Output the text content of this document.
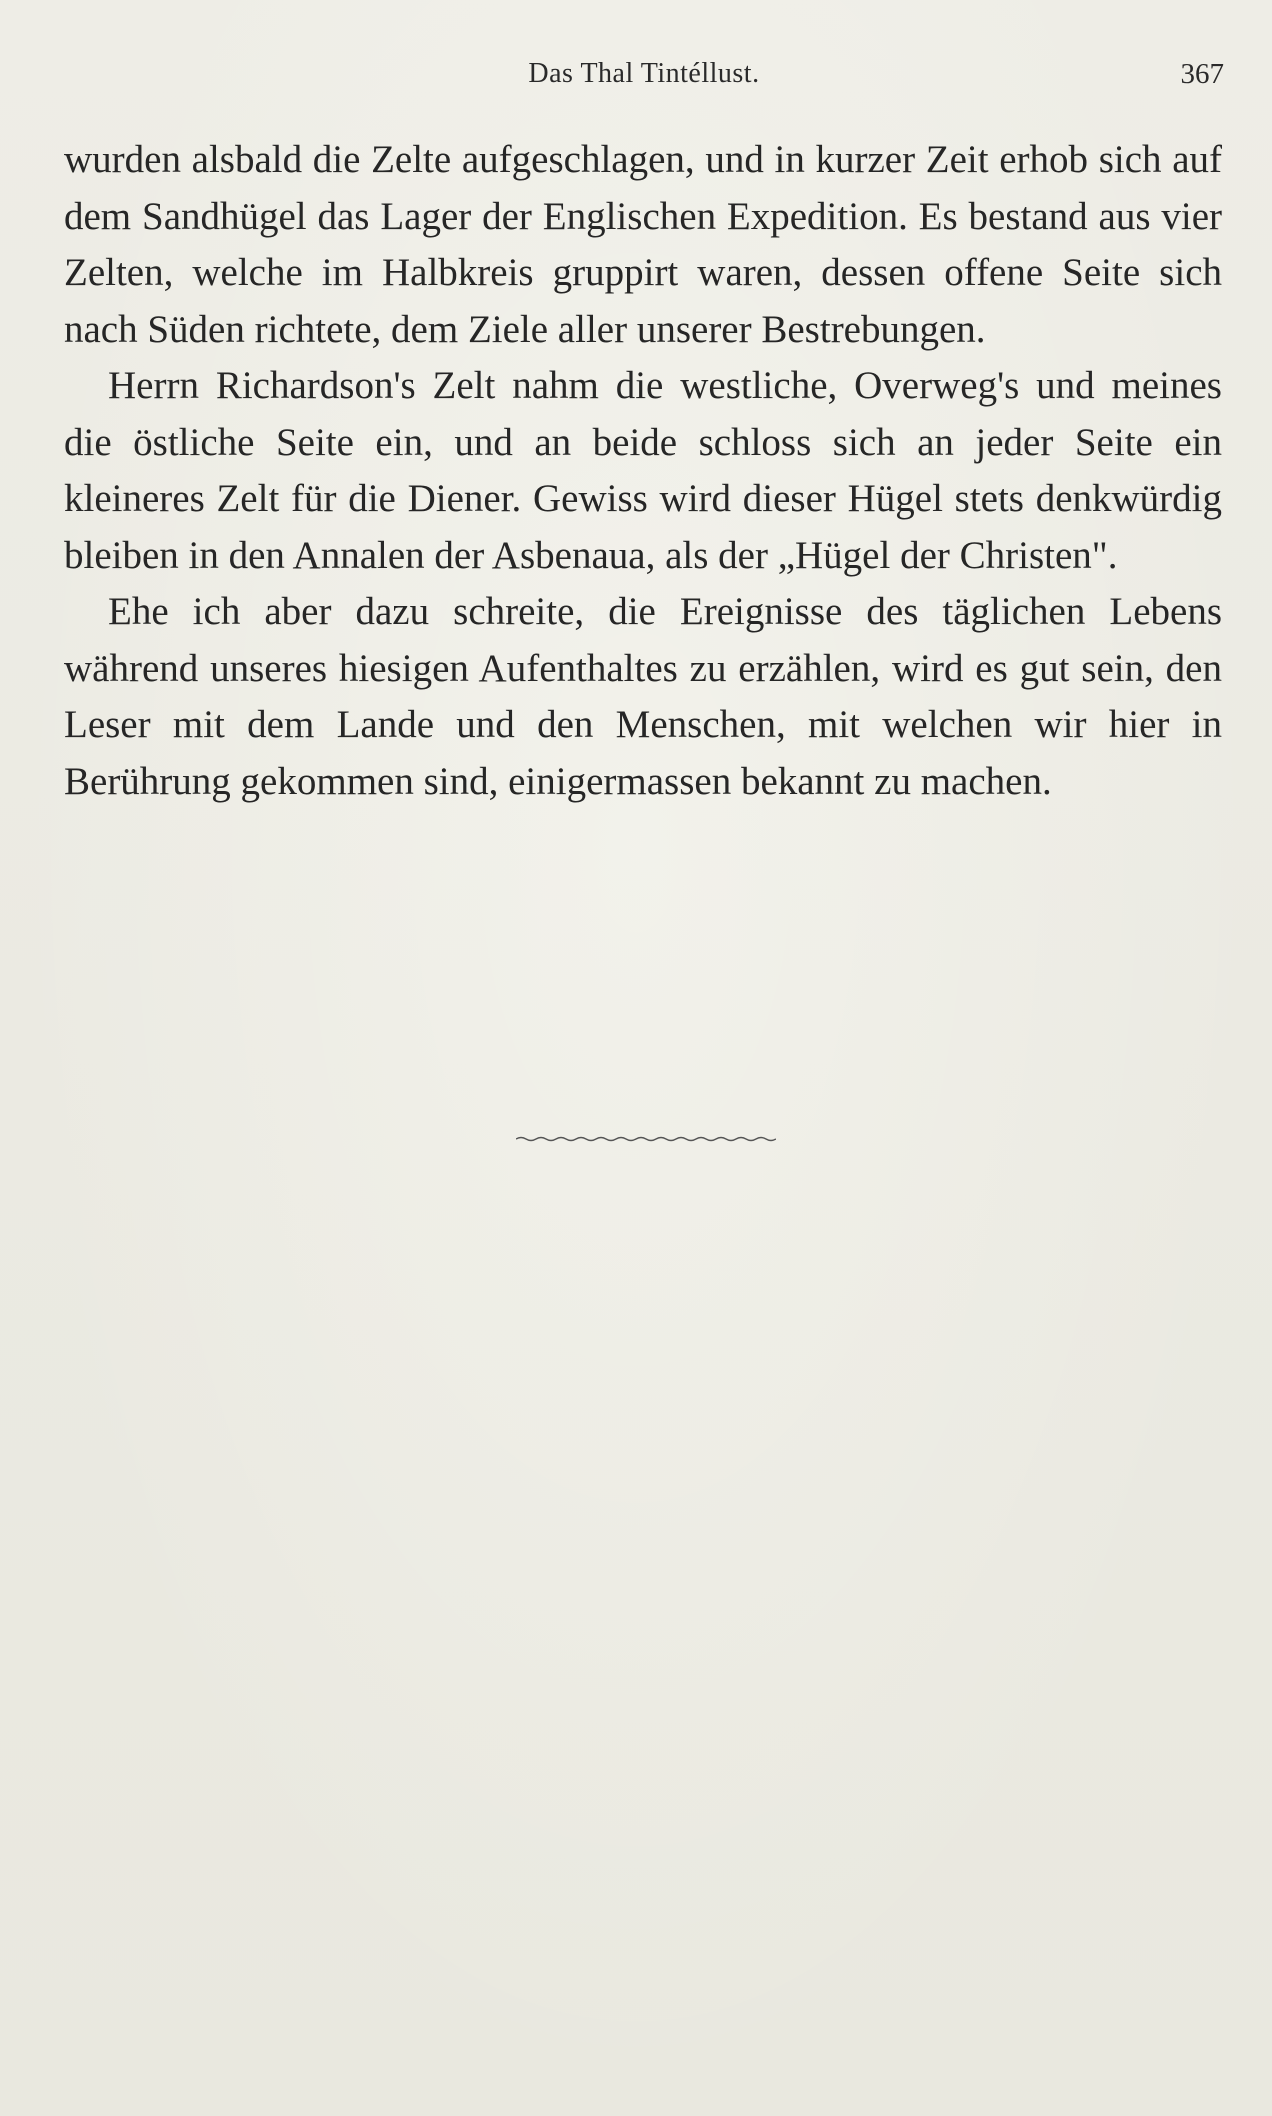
Das Thal Tintéllust.	367

wurden alsbald die Zelte aufgeschlagen, und in kurzer Zeit erhob sich auf dem Sandhügel das Lager der Englischen Expedition. Es bestand aus vier Zelten, welche im Halbkreis gruppirt waren, dessen offene Seite sich nach Süden richtete, dem Ziele aller unserer Bestrebungen.

Herrn Richardson's Zelt nahm die westliche, Overweg's und meines die östliche Seite ein, und an beide schloss sich an jeder Seite ein kleineres Zelt für die Diener. Gewiss wird dieser Hügel stets denkwürdig bleiben in den Annalen der Asbenaua, als der „Hügel der Christen".

Ehe ich aber dazu schreite, die Ereignisse des täglichen Lebens während unseres hiesigen Aufenthaltes zu erzählen, wird es gut sein, den Leser mit dem Lande und den Menschen, mit welchen wir hier in Berührung gekommen sind, einigermassen bekannt zu machen.
